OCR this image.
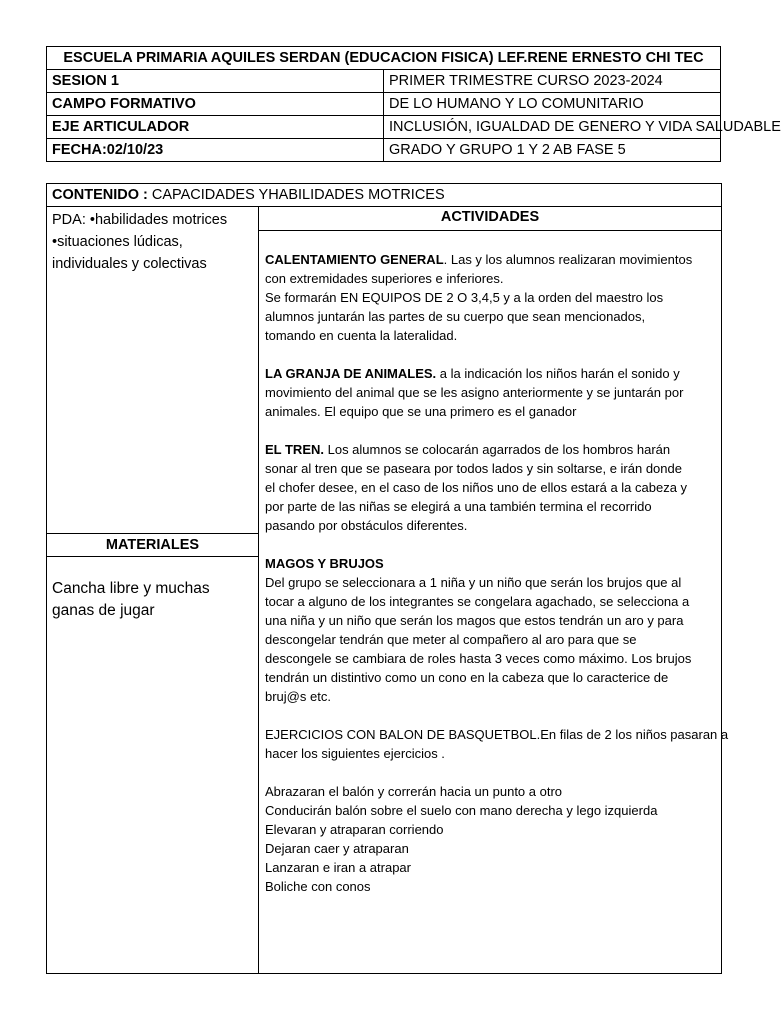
ESCUELA PRIMARIA AQUILES SERDAN (EDUCACION FISICA) LEF.RENE ERNESTO CHI TEC	
SESION 1	PRIMER TRIMESTRE CURSO 2023-2024
CAMPO FORMATIVO	DE LO HUMANO Y LO COMUNITARIO
EJE ARTICULADOR	INCLUSIÓN, IGUALDAD DE GENERO Y VIDA SALUDABLE
FECHA:02/10/23	GRADO Y GRUPO 1 Y 2 AB FASE 5
CONTENIDO : CAPACIDADES YHABILIDADES MOTRICES
PDA: •habilidades motrices
•situaciones lúdicas,
individuales y colectivas
MATERIALES
Cancha libre y muchas
ganas de jugar
ACTIVIDADES
CALENTAMIENTO GENERAL. Las y los alumnos realizaran movimientos
con extremidades superiores e inferiores.
Se formarán EN EQUIPOS DE 2 O 3,4,5 y a la orden del maestro los
alumnos juntarán las partes de su cuerpo que sean mencionados,
tomando en cuenta la lateralidad.
LA GRANJA DE ANIMALES. a la indicación los niños harán el sonido y
movimiento del animal que se les asigno anteriormente y se juntarán por
animales. El equipo que se una primero es el ganador
EL TREN. Los alumnos se colocarán agarrados de los hombros harán
sonar al tren que se paseara por todos lados y sin soltarse, e irán donde
el chofer desee, en el caso de los niños uno de ellos estará a la cabeza y
por parte de las niñas se elegirá a una también termina el recorrido
pasando por obstáculos diferentes.
MAGOS Y BRUJOS
Del grupo se seleccionara a 1 niña y un niño que serán los brujos que al
tocar a alguno de los integrantes se congelara agachado, se selecciona a
una niña y un niño que serán los magos que estos tendrán un aro y para
descongelar tendrán que meter al compañero al aro para que se
descongele se cambiara de roles hasta 3 veces como máximo. Los brujos
tendrán un distintivo como un cono en la cabeza que lo caracterice de
bruj@s etc.
EJERCICIOS CON BALON DE BASQUETBOL.En filas de 2 los niños pasaran a
hacer los siguientes ejercicios .
Abrazaran el balón y correrán hacia un punto a otro
Conducirán balón sobre el suelo con mano derecha y lego izquierda
Elevaran y atraparan corriendo
Dejaran caer y atraparan
Lanzaran e iran a atrapar
Boliche con conos
